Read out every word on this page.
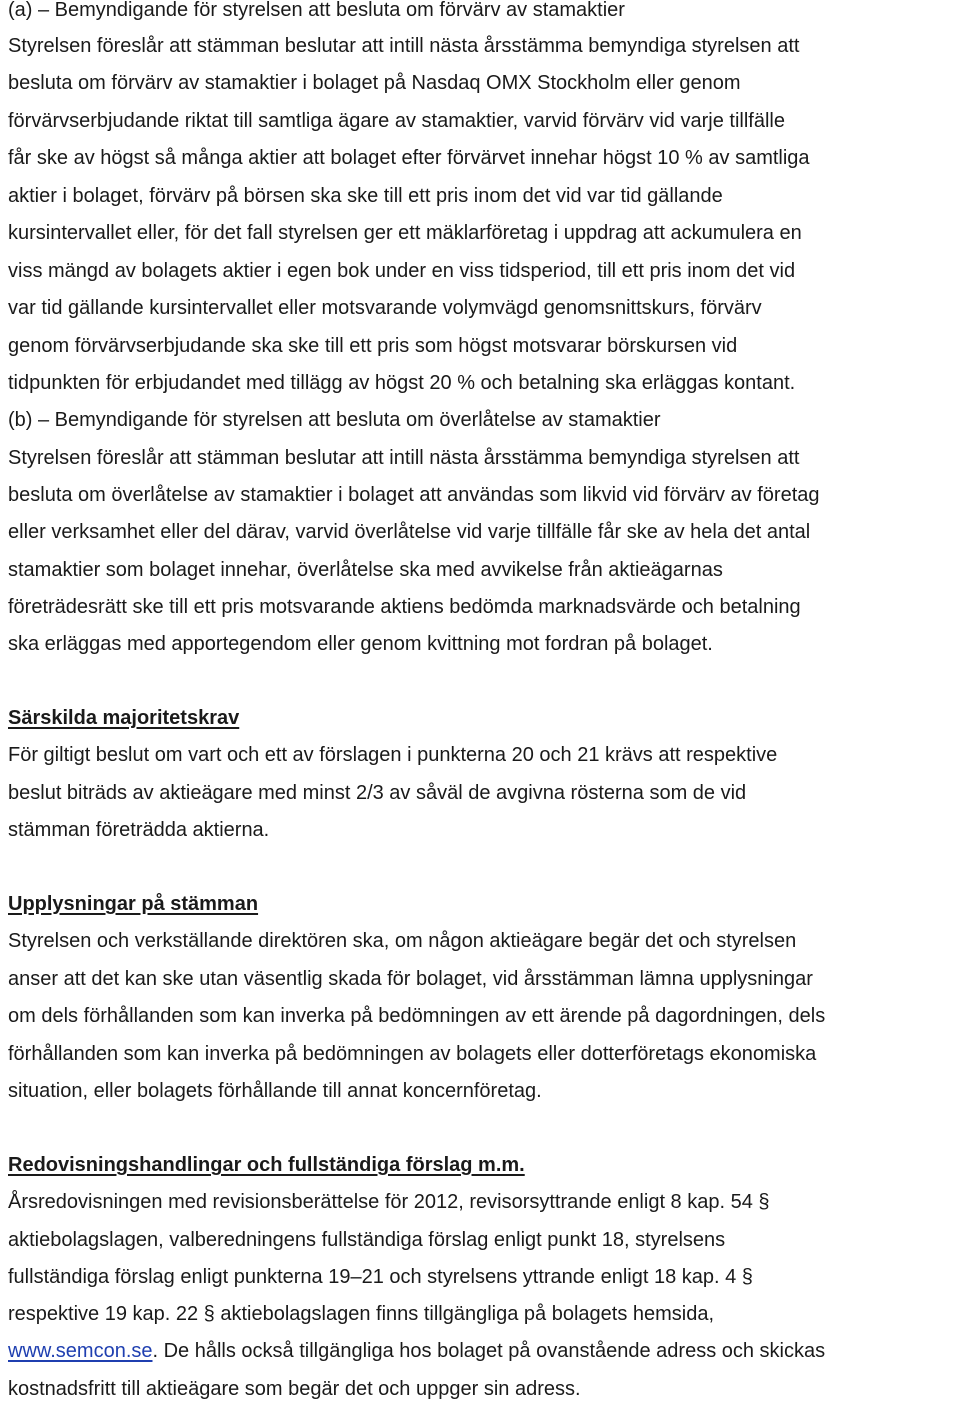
(a) – Bemyndigande för styrelsen att besluta om förvärv av stamaktier
Styrelsen föreslår att stämman beslutar att intill nästa årsstämma bemyndiga styrelsen att
besluta om förvärv av stamaktier i bolaget på Nasdaq OMX Stockholm eller genom
förvärvserbjudande riktat till samtliga ägare av stamaktier, varvid förvärv vid varje tillfälle
får ske av högst så många aktier att bolaget efter förvärvet innehar högst 10 % av samtliga
aktier i bolaget, förvärv på börsen ska ske till ett pris inom det vid var tid gällande
kursintervallet eller, för det fall styrelsen ger ett mäklarföretag i uppdrag att ackumulera en
viss mängd av bolagets aktier i egen bok under en viss tidsperiod, till ett pris inom det vid
var tid gällande kursintervallet eller motsvarande volymvägd genomsnittskurs, förvärv
genom förvärvserbjudande ska ske till ett pris som högst motsvarar börskursen vid
tidpunkten för erbjudandet med tillägg av högst 20 % och betalning ska erläggas kontant.
(b) – Bemyndigande för styrelsen att besluta om överlåtelse av stamaktier
Styrelsen föreslår att stämman beslutar att intill nästa årsstämma bemyndiga styrelsen att
besluta om överlåtelse av stamaktier i bolaget att användas som likvid vid förvärv av företag
eller verksamhet eller del därav, varvid överlåtelse vid varje tillfälle får ske av hela det antal
stamaktier som bolaget innehar, överlåtelse ska med avvikelse från aktieägarnas
företrädesrätt ske till ett pris motsvarande aktiens bedömda marknadsvärde och betalning
ska erläggas med apportegendom eller genom kvittning mot fordran på bolaget.
Särskilda majoritetskrav
För giltigt beslut om vart och ett av förslagen i punkterna 20 och 21 krävs att respektive
beslut biträds av aktieägare med minst 2/3 av såväl de avgivna rösterna som de vid
stämman företrädda aktierna.
Upplysningar på stämman
Styrelsen och verkställande direktören ska, om någon aktieägare begär det och styrelsen
anser att det kan ske utan väsentlig skada för bolaget, vid årsstämman lämna upplysningar
om dels förhållanden som kan inverka på bedömningen av ett ärende på dagordningen, dels
förhållanden som kan inverka på bedömningen av bolagets eller dotterföretags ekonomiska
situation, eller bolagets förhållande till annat koncernföretag.
Redovisningshandlingar och fullständiga förslag m.m.
Årsredovisningen med revisionsberättelse för 2012, revisorsyttrande enligt 8 kap. 54 §
aktiebolagslagen, valberedningens fullständiga förslag enligt punkt 18, styrelsens
fullständiga förslag enligt punkterna 19–21 och styrelsens yttrande enligt 18 kap. 4 §
respektive 19 kap. 22 § aktiebolagslagen finns tillgängliga på bolagets hemsida,
www.semcon.se. De hålls också tillgängliga hos bolaget på ovanstående adress och skickas
kostnadsfritt till aktieägare som begär det och uppger sin adress.
